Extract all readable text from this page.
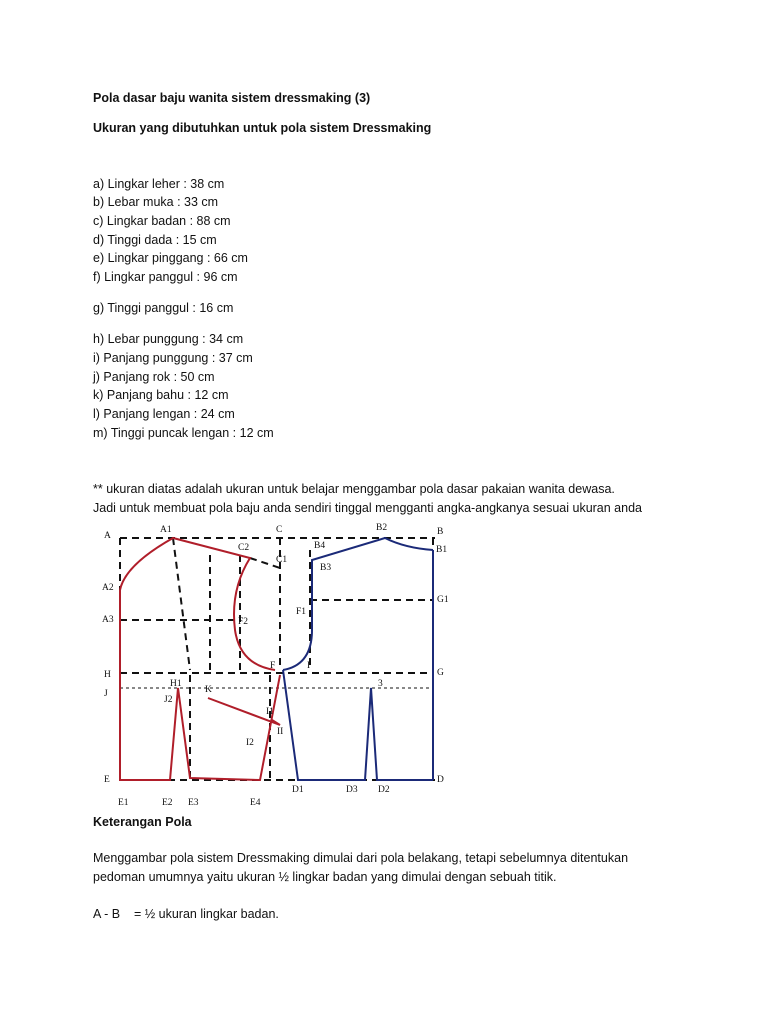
Pola dasar baju wanita sistem dressmaking (3)
Ukuran yang dibutuhkan untuk pola sistem Dressmaking
a) Lingkar leher : 38 cm
b) Lebar muka : 33 cm
c) Lingkar badan : 88 cm
d) Tinggi dada : 15 cm
e) Lingkar pinggang : 66 cm
f) Lingkar panggul : 96 cm
g) Tinggi panggul : 16 cm
h) Lebar punggung : 34 cm
i) Panjang punggung : 37 cm
j) Panjang rok : 50 cm
k) Panjang bahu : 12 cm
l) Panjang lengan : 24 cm
m) Tinggi puncak lengan : 12 cm
** ukuran diatas adalah ukuran untuk belajar menggambar pola dasar pakaian wanita dewasa.
Jadi untuk membuat pola baju anda sendiri tinggal mengganti angka-angkanya sesuai ukuran anda
A
A1
A2
A3
C
C1
C2
B
B1
B2
B3
B4
F1
F2
F	I
G1
G
H
H1
J
J2
K
I1
II
I2
3
E
E1	E2 E3	E4
D
D1	D3 D2
Keterangan Pola
Menggambar pola sistem Dressmaking dimulai dari pola belakang, tetapi sebelumnya ditentukan
pedoman umumnya yaitu ukuran ½ lingkar badan yang dimulai dengan sebuah titik.
A - B    = ½ ukuran lingkar badan.
